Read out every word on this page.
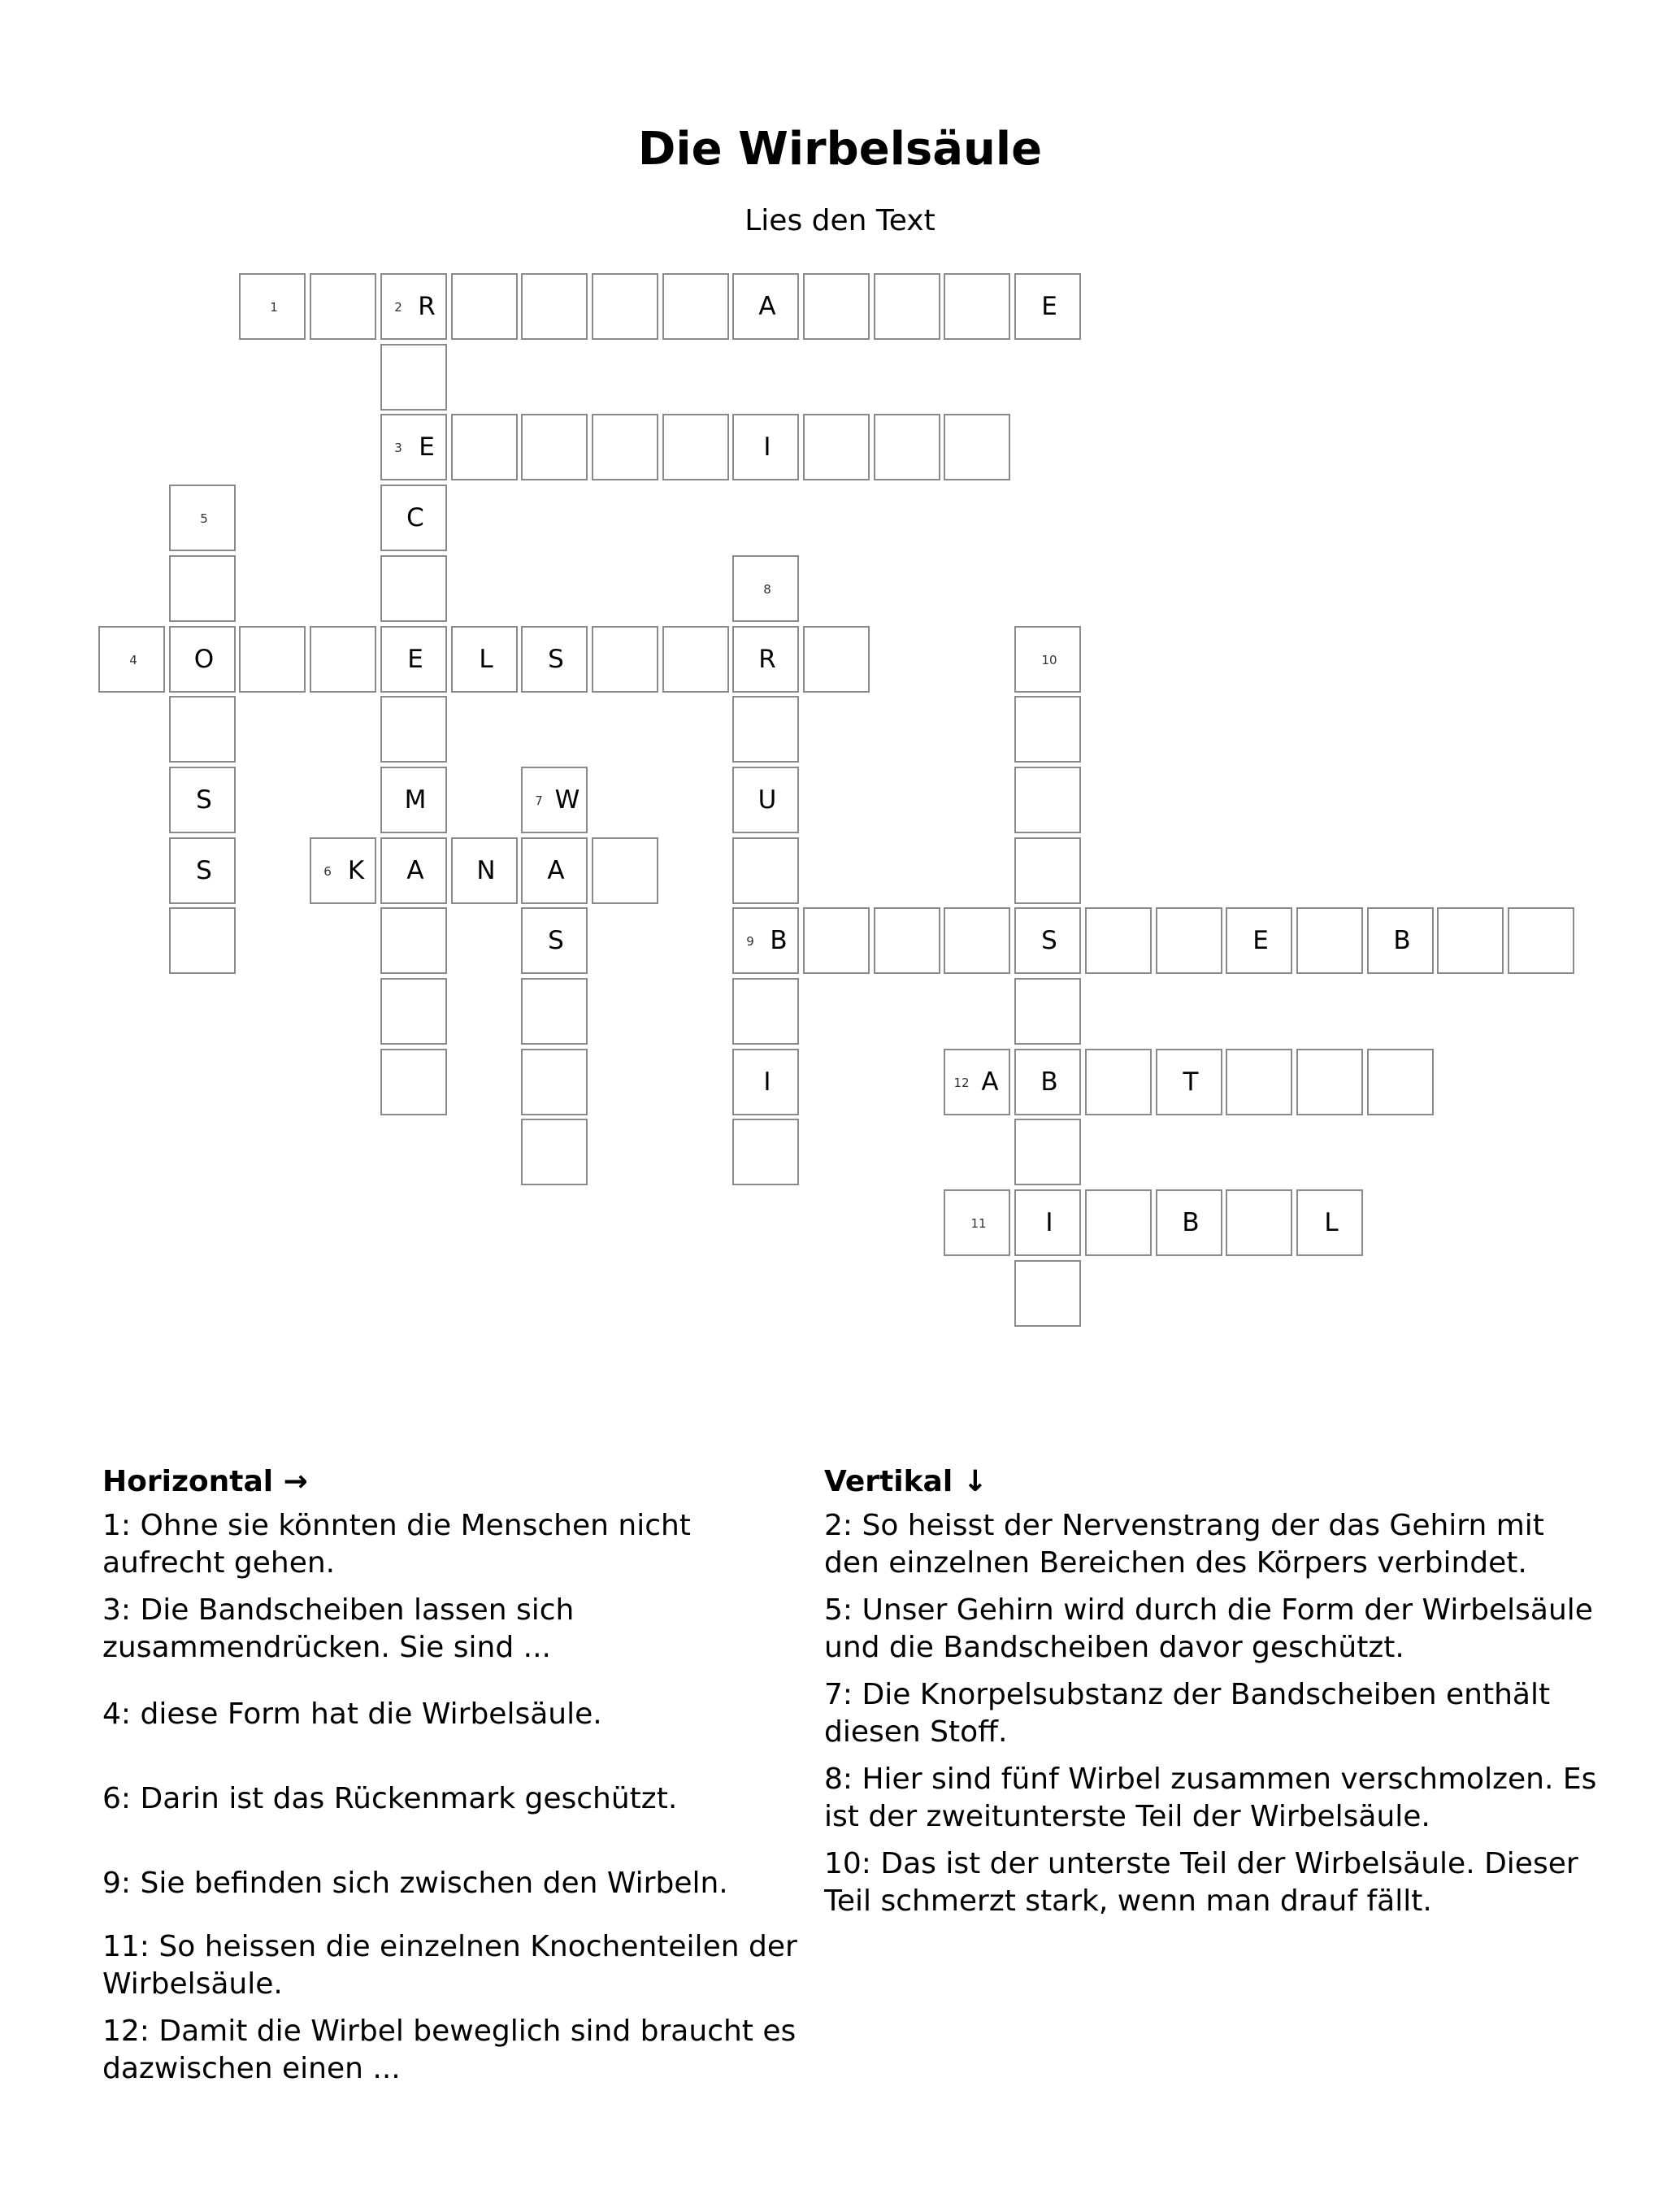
Die Wirbelsäule
Lies den Text
1	2 R	A	E
3 E	I
5	C
8
4	O	E	L	S	R	10
S	M	7 W	U
S	6 K	A	N	A
S	9 B	S	E	B
I	12 A	B	T
11	I	B	L
Horizontal →

1: Ohne sie könnten die Menschen nicht aufrecht gehen.

3: Die Bandscheiben lassen sich zusammendrücken. Sie sind ...

4: diese Form hat die Wirbelsäule.

6: Darin ist das Rückenmark geschützt.

9: Sie befinden sich zwischen den Wirbeln.

11: So heissen die einzelnen Knochenteilen der Wirbelsäule.

12: Damit die Wirbel beweglich sind braucht es dazwischen einen ...

Vertikal ↓

2: So heisst der Nervenstrang der das Gehirn mit den einzelnen Bereichen des Körpers verbindet.

5: Unser Gehirn wird durch die Form der Wirbelsäule und die Bandscheiben davor geschützt.

7: Die Knorpelsubstanz der Bandscheiben enthält diesen Stoff.

8: Hier sind fünf Wirbel zusammen verschmolzen. Es ist der zweitunterste Teil der Wirbelsäule.

10: Das ist der unterste Teil der Wirbelsäule. Dieser Teil schmerzt stark, wenn man drauf fällt.
